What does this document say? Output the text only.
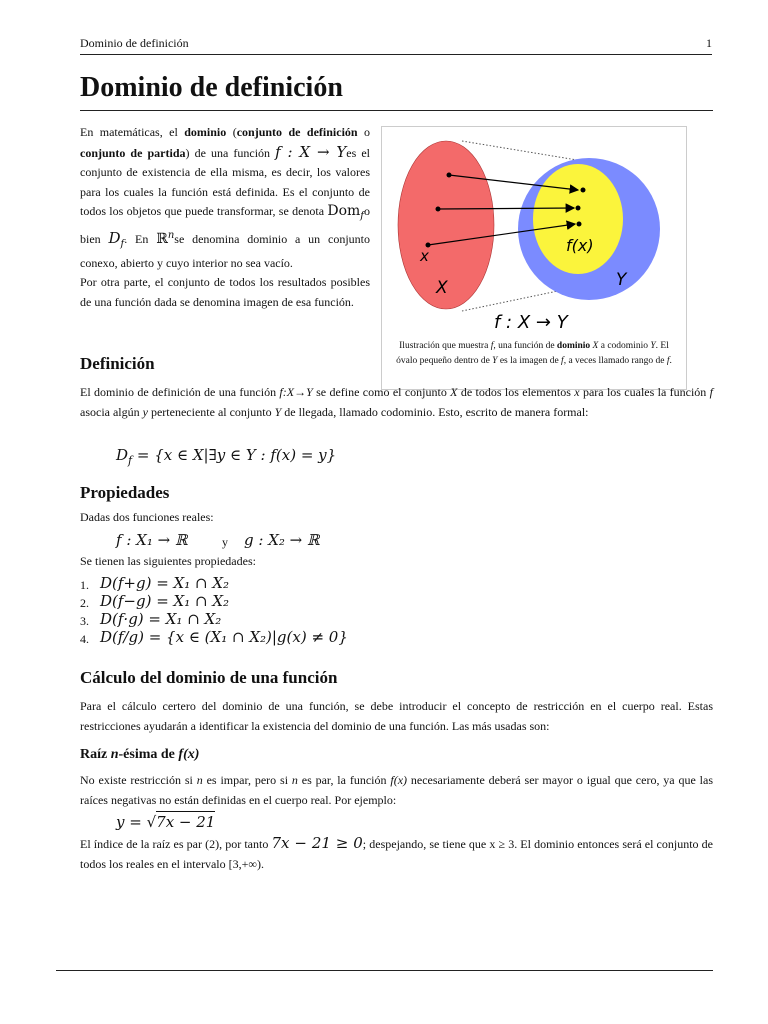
Dominio de definición	1
Dominio de definición

En matemáticas, el dominio (conjunto de definición o conjunto de partida) de una función f : X → Yes el conjunto de existencia de ella misma, es decir, los valores para los cuales la función está definida. Es el conjunto de todos los objetos que puede transformar, se denota Dom$_f$o bien $D_f$. En ℝ$^n$se denomina dominio a un conjunto conexo, abierto y cuyo interior no sea vacío.

Por otra parte, el conjunto de todos los resultados posibles de una función dada se denomina imagen de esa función.

x
X
f(x)
Y
f : X → Y
Ilustración que muestra f, una función de dominio X a codominio Y. El óvalo pequeño dentro de Y es la imagen de f, a veces llamado rango de f.
Definición
El dominio de definición de una función f:X→Y se define como el conjunto X de todos los elementos x para los cuales la función f asocia algún y perteneciente al conjunto Y de llegada, llamado codominio. Esto, escrito de manera formal:
$D_f = \{x$ ∈ X|∃y ∈ Y : f(x) = y}
Propiedades
Dadas dos funciones reales:
f : X₁ → ℝ	y g : X₂ → ℝ
Se tienen las siguientes propiedades:
1. D(f+g) = X₁ ∩ X₂
2. D(f−g) = X₁ ∩ X₂
3. D(f·g) = X₁ ∩ X₂
4. D(f/g) = {x ∈ (X₁ ∩ X₂)|g(x) ≠ 0}
Cálculo del dominio de una función
Para el cálculo certero del dominio de una función, se debe introducir el concepto de restricción en el cuerpo real. Estas restricciones ayudarán a identificar la existencia del dominio de una función. Las más usadas son:
Raíz n-ésima de f(x)
No existe restricción si n es impar, pero si n es par, la función f(x) necesariamente deberá ser mayor o igual que cero, ya que las raíces negativas no están definidas en el cuerpo real. Por ejemplo:
y = √7x − 21
El índice de la raíz es par (2), por tanto 7x − 21 ≥ 0; despejando, se tiene que x ≥ 3. El dominio entonces será el conjunto de todos los reales en el intervalo [3,+∞).
